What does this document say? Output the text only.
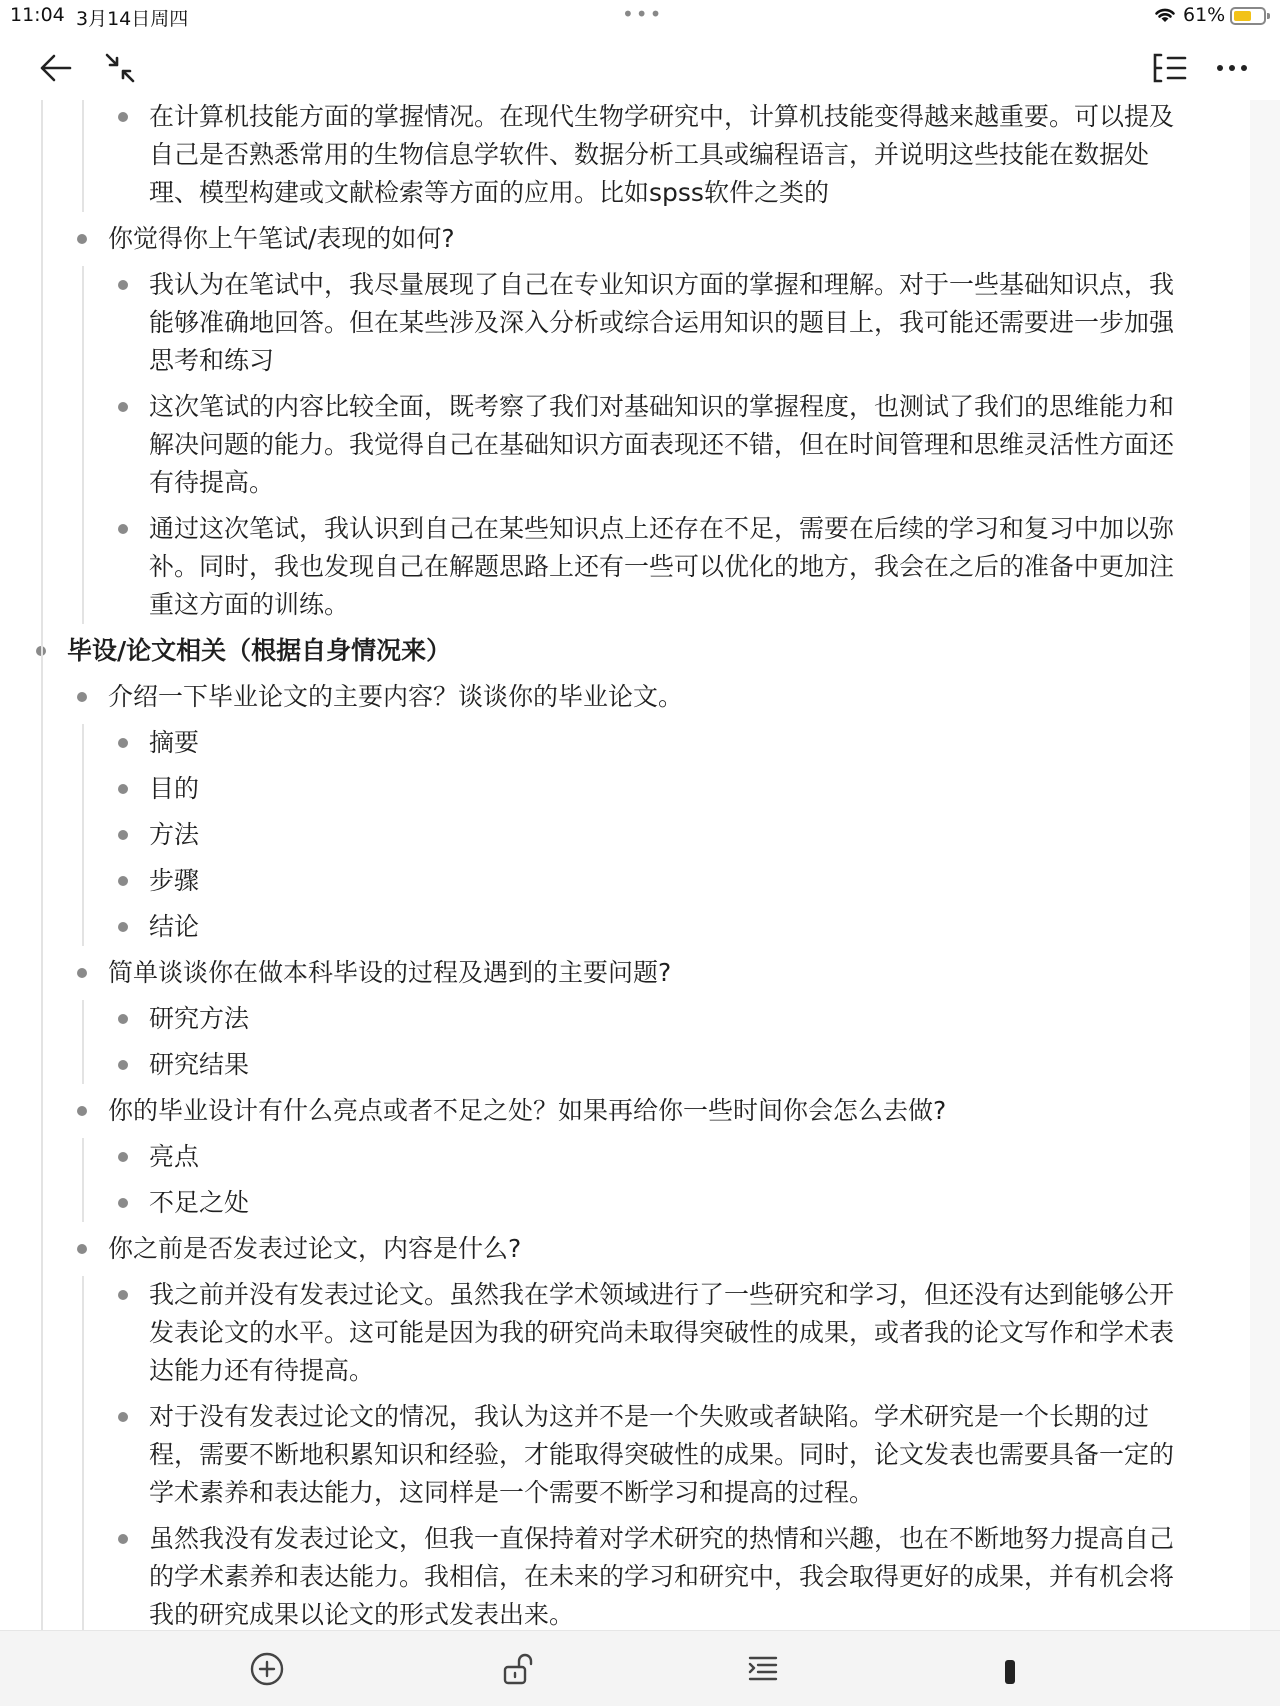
11:04 3月14日周四	•••	61%
在计算机技能方面的掌握情况。在现代生物学研究中，计算机技能变得越来越重要。可以提及
自己是否熟悉常用的生物信息学软件、数据分析工具或编程语言，并说明这些技能在数据处
理、模型构建或文献检索等方面的应用。比如spss软件之类的
你觉得你上午笔试/表现的如何?
我认为在笔试中，我尽量展现了自己在专业知识方面的掌握和理解。对于一些基础知识点，我
能够准确地回答。但在某些涉及深入分析或综合运用知识的题目上，我可能还需要进一步加强
思考和练习
这次笔试的内容比较全面，既考察了我们对基础知识的掌握程度，也测试了我们的思维能力和
解决问题的能力。我觉得自己在基础知识方面表现还不错，但在时间管理和思维灵活性方面还
有待提高。
通过这次笔试，我认识到自己在某些知识点上还存在不足，需要在后续的学习和复习中加以弥
补。同时，我也发现自己在解题思路上还有一些可以优化的地方，我会在之后的准备中更加注
重这方面的训练。
毕设/论文相关（根据自身情况来）
介绍一下毕业论文的主要内容？谈谈你的毕业论文。
摘要
目的
方法
步骤
结论
简单谈谈你在做本科毕设的过程及遇到的主要问题?
研究方法
研究结果
你的毕业设计有什么亮点或者不足之处？如果再给你一些时间你会怎么去做?
亮点
不足之处
你之前是否发表过论文，内容是什么?
我之前并没有发表过论文。虽然我在学术领域进行了一些研究和学习，但还没有达到能够公开
发表论文的水平。这可能是因为我的研究尚未取得突破性的成果，或者我的论文写作和学术表
达能力还有待提高。
对于没有发表过论文的情况，我认为这并不是一个失败或者缺陷。学术研究是一个长期的过
程，需要不断地积累知识和经验，才能取得突破性的成果。同时，论文发表也需要具备一定的
学术素养和表达能力，这同样是一个需要不断学习和提高的过程。
虽然我没有发表过论文，但我一直保持着对学术研究的热情和兴趣，也在不断地努力提高自己
的学术素养和表达能力。我相信，在未来的学习和研究中，我会取得更好的成果，并有机会将
我的研究成果以论文的形式发表出来。
